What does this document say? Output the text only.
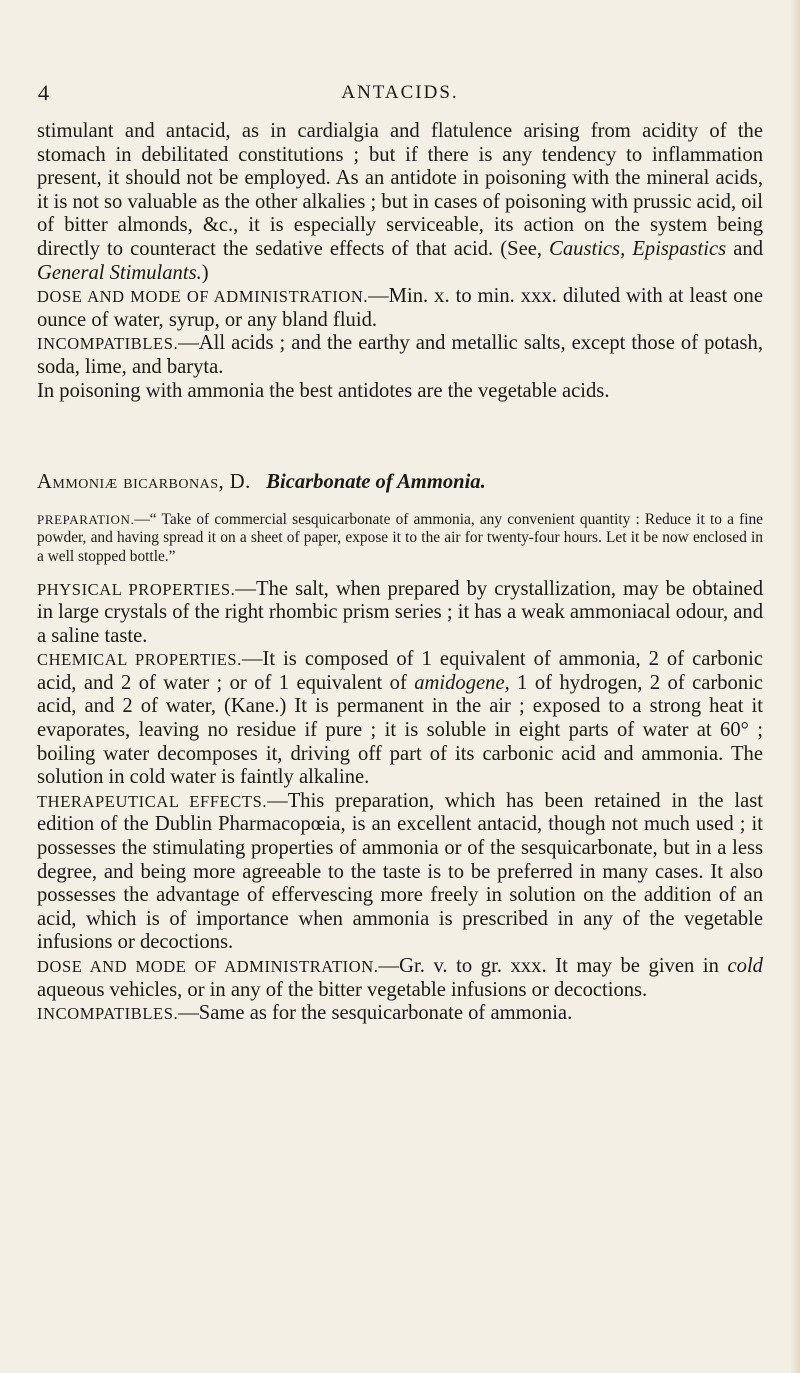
4	ANTACIDS.

stimulant and antacid, as in cardialgia and flatulence arising from acidity of the stomach in debilitated constitutions ; but if there is any tendency to inflammation present, it should not be employed. As an antidote in poisoning with the mineral acids, it is not so valuable as the other alkalies ; but in cases of poisoning with prussic acid, oil of bitter almonds, &c., it is especially serviceable, its action on the system being directly to counteract the sedative effects of that acid. (See, Caustics, Epispastics and General Stimulants.)

DOSE AND MODE OF ADMINISTRATION.—Min. x. to min. xxx. diluted with at least one ounce of water, syrup, or any bland fluid.

INCOMPATIBLES.—All acids ; and the earthy and metallic salts, except those of potash, soda, lime, and baryta.

In poisoning with ammonia the best antidotes are the vegetable acids.

Ammoniæ bicarbonas, D. Bicarbonate of Ammonia.

PREPARATION.—“ Take of commercial sesquicarbonate of ammonia, any convenient quantity : Reduce it to a fine powder, and having spread it on a sheet of paper, expose it to the air for twenty-four hours. Let it be now enclosed in a well stopped bottle.”

PHYSICAL PROPERTIES.—The salt, when prepared by crystallization, may be obtained in large crystals of the right rhombic prism series ; it has a weak ammoniacal odour, and a saline taste.

CHEMICAL PROPERTIES.—It is composed of 1 equivalent of ammonia, 2 of carbonic acid, and 2 of water ; or of 1 equivalent of amidogene, 1 of hydrogen, 2 of carbonic acid, and 2 of water, (Kane.) It is permanent in the air ; exposed to a strong heat it evaporates, leaving no residue if pure ; it is soluble in eight parts of water at 60° ; boiling water decomposes it, driving off part of its carbonic acid and ammonia. The solution in cold water is faintly alkaline.

THERAPEUTICAL EFFECTS.—This preparation, which has been retained in the last edition of the Dublin Pharmacopœia, is an excellent antacid, though not much used ; it possesses the stimulating properties of ammonia or of the sesquicarbonate, but in a less degree, and being more agreeable to the taste is to be preferred in many cases. It also possesses the advantage of effervescing more freely in solution on the addition of an acid, which is of importance when ammonia is prescribed in any of the vegetable infusions or decoctions.

DOSE AND MODE OF ADMINISTRATION.—Gr. v. to gr. xxx. It may be given in cold aqueous vehicles, or in any of the bitter vegetable infusions or decoctions.

INCOMPATIBLES.—Same as for the sesquicarbonate of ammonia.
